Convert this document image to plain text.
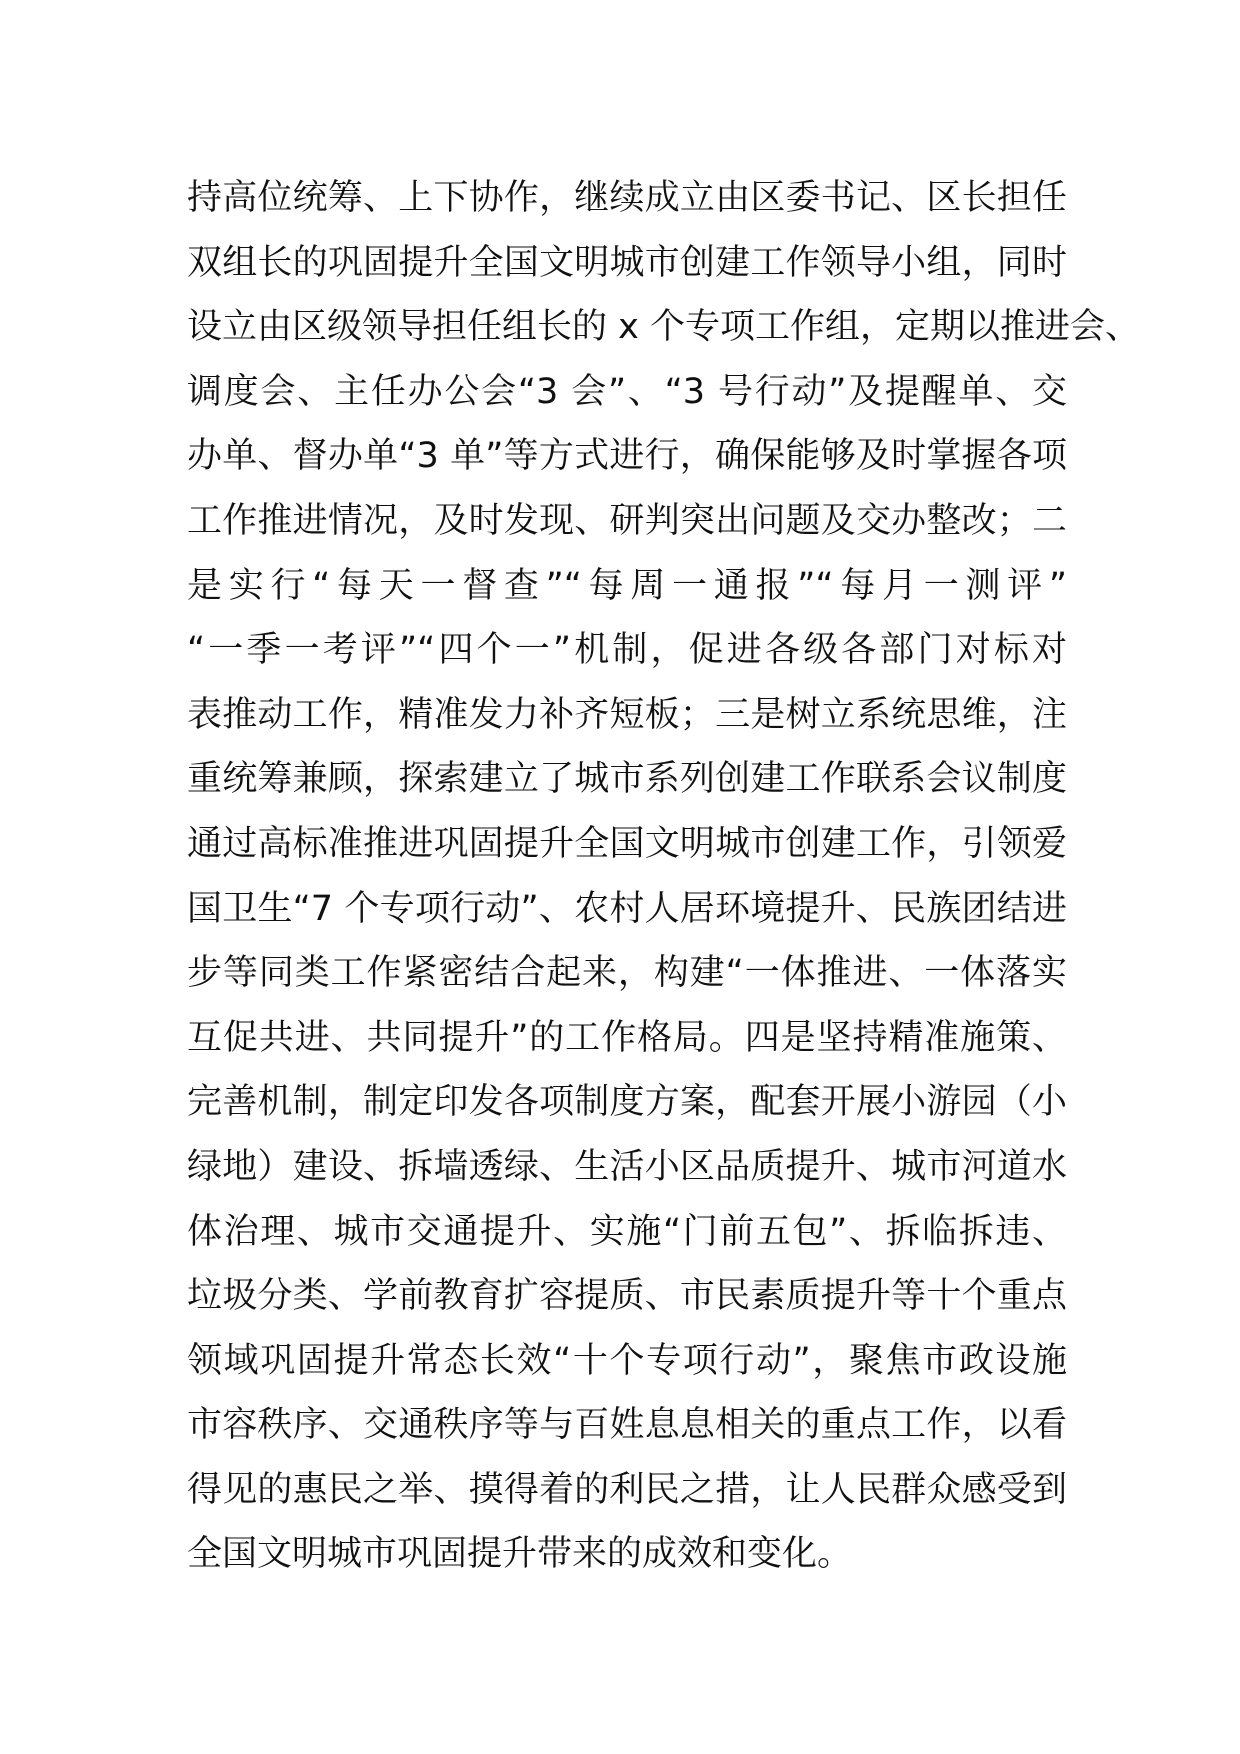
持高位统筹、上下协作，继续成立由区委书记、区长担任
双组长的巩固提升全国文明城市创建工作领导小组，同时
设立由区级领导担任组长的 x 个专项工作组，定期以推进会、
调度会、主任办公会“3 会”、“3 号行动”及提醒单、交
办单、督办单“3 单”等方式进行，确保能够及时掌握各项
工作推进情况，及时发现、研判突出问题及交办整改；二
是实行“每天一督查”“每周一通报”“每月一测评”
“一季一考评”“四个一”机制，促进各级各部门对标对
表推动工作，精准发力补齐短板；三是树立系统思维，注
重统筹兼顾，探索建立了城市系列创建工作联系会议制度
通过高标准推进巩固提升全国文明城市创建工作，引领爱
国卫生“7 个专项行动”、农村人居环境提升、民族团结进
步等同类工作紧密结合起来，构建“一体推进、一体落实
互促共进、共同提升”的工作格局。四是坚持精准施策、
完善机制，制定印发各项制度方案，配套开展小游园（小
绿地）建设、拆墙透绿、生活小区品质提升、城市河道水
体治理、城市交通提升、实施“门前五包”、拆临拆违、
垃圾分类、学前教育扩容提质、市民素质提升等十个重点
领域巩固提升常态长效“十个专项行动”，聚焦市政设施
市容秩序、交通秩序等与百姓息息相关的重点工作，以看
得见的惠民之举、摸得着的利民之措，让人民群众感受到
全国文明城市巩固提升带来的成效和变化。
